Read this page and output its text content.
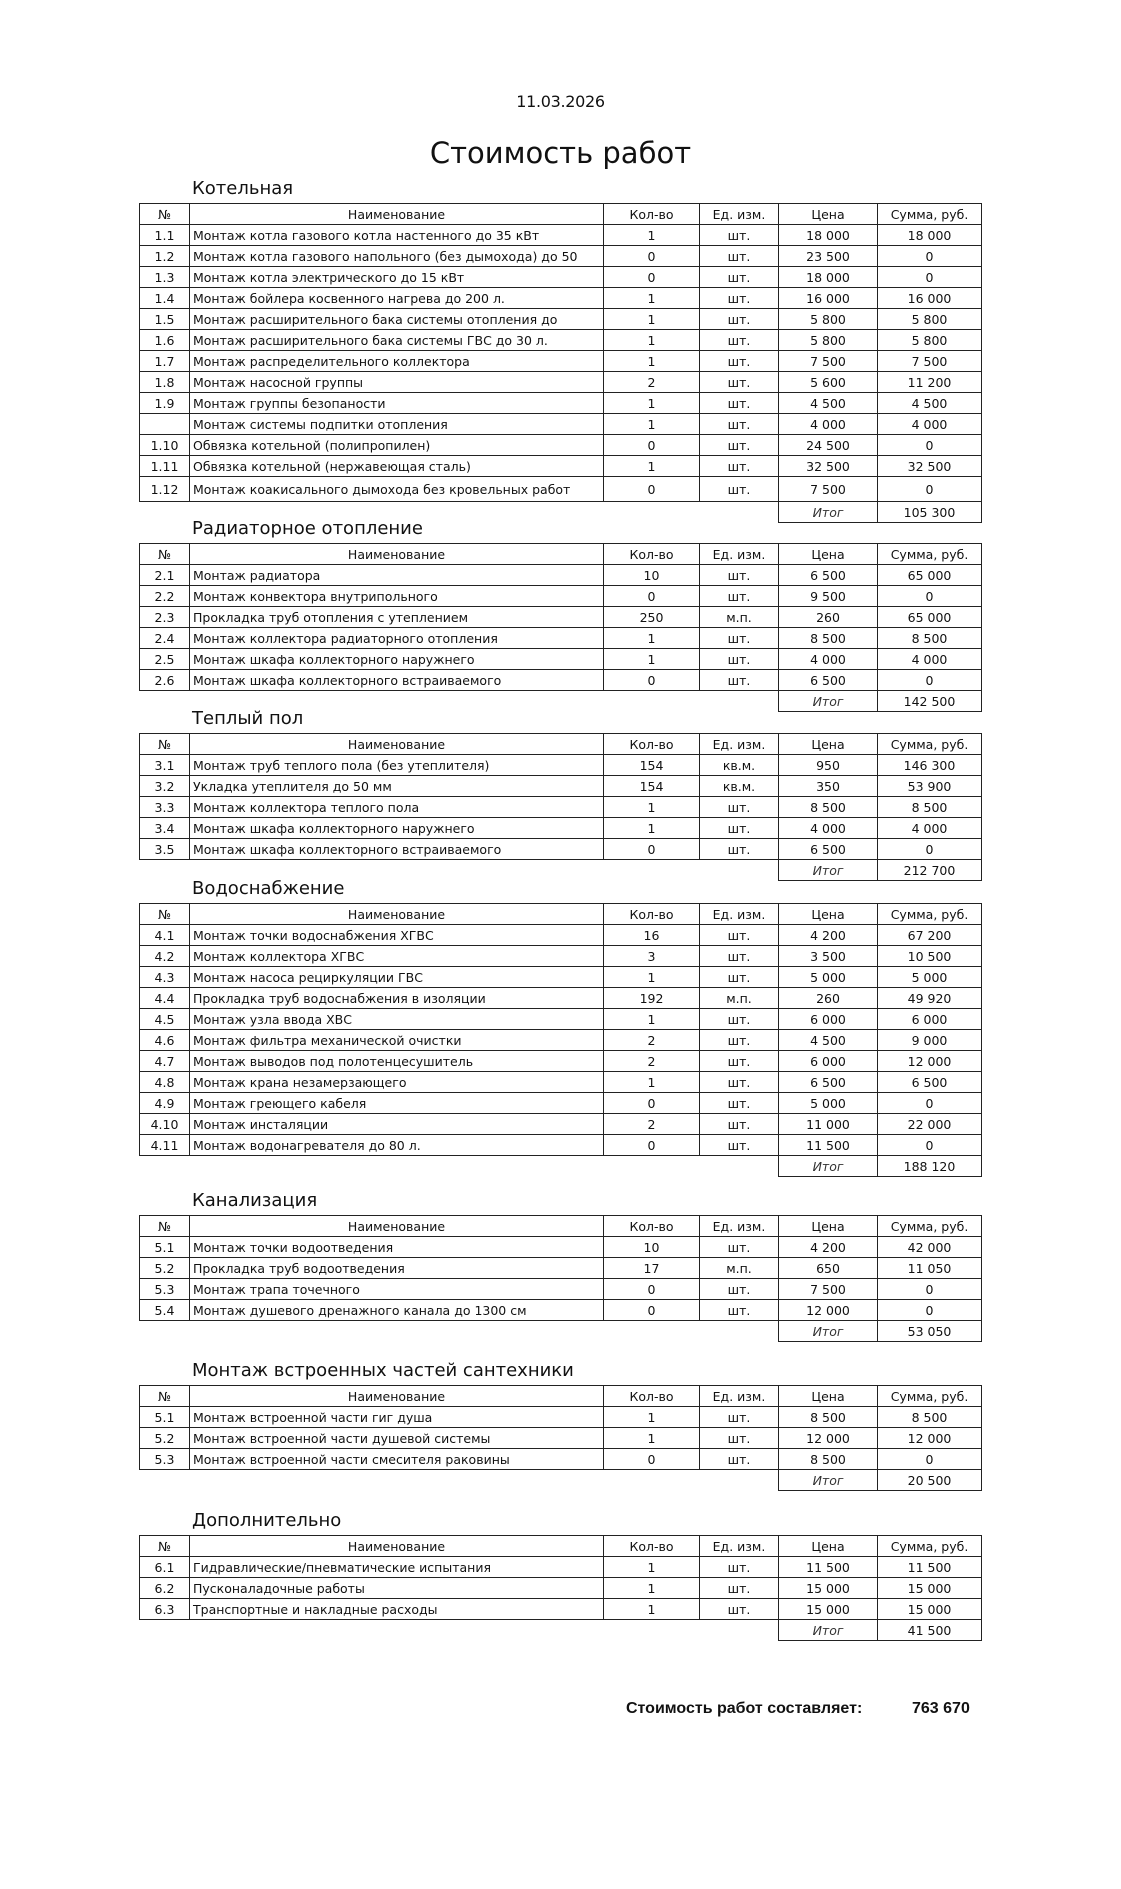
11.03.2026
Стоимость работ
Котельная
№	Наименование	Кол-во	Ед. изм.	Цена	Сумма, руб.
1.1	Монтаж котла газового котла настенного до 35 кВт	1	шт.	18 000	18 000
1.2	Монтаж котла газового напольного (без дымохода) до 50	0	шт.	23 500	0
1.3	Монтаж котла электрического до 15 кВт	0	шт.	18 000	0
1.4	Монтаж бойлера косвенного нагрева до 200 л.	1	шт.	16 000	16 000
1.5	Монтаж расширительного бака системы отопления до	1	шт.	5 800	5 800
1.6	Монтаж расширительного бака системы ГВС до 30 л.	1	шт.	5 800	5 800
1.7	Монтаж распределительного коллектора	1	шт.	7 500	7 500
1.8	Монтаж насосной группы	2	шт.	5 600	11 200
1.9	Монтаж группы безопаности	1	шт.	4 500	4 500
	Монтаж системы подпитки отопления	1	шт.	4 000	4 000
1.10	Обвязка котельной (полипропилен)	0	шт.	24 500	0
1.11	Обвязка котельной (нержавеющая сталь)	1	шт.	32 500	32 500
1.12	Монтаж коакисального дымохода без кровельных работ	0	шт.	7 500	0
				Итог	105 300
Радиаторное отопление
№	Наименование	Кол-во	Ед. изм.	Цена	Сумма, руб.
2.1	Монтаж радиатора	10	шт.	6 500	65 000
2.2	Монтаж конвектора внутрипольного	0	шт.	9 500	0
2.3	Прокладка труб отопления с утеплением	250	м.п.	260	65 000
2.4	Монтаж коллектора радиаторного отопления	1	шт.	8 500	8 500
2.5	Монтаж шкафа коллекторного наружнего	1	шт.	4 000	4 000
2.6	Монтаж шкафа коллекторного встраиваемого	0	шт.	6 500	0
				Итог	142 500
Теплый пол
№	Наименование	Кол-во	Ед. изм.	Цена	Сумма, руб.
3.1	Монтаж труб теплого пола (без утеплителя)	154	кв.м.	950	146 300
3.2	Укладка утеплителя до 50 мм	154	кв.м.	350	53 900
3.3	Монтаж коллектора теплого пола	1	шт.	8 500	8 500
3.4	Монтаж шкафа коллекторного наружнего	1	шт.	4 000	4 000
3.5	Монтаж шкафа коллекторного встраиваемого	0	шт.	6 500	0
				Итог	212 700
Водоснабжение
№	Наименование	Кол-во	Ед. изм.	Цена	Сумма, руб.
4.1	Монтаж точки водоснабжения ХГВС	16	шт.	4 200	67 200
4.2	Монтаж коллектора ХГВС	3	шт.	3 500	10 500
4.3	Монтаж насоса рециркуляции ГВС	1	шт.	5 000	5 000
4.4	Прокладка труб водоснабжения в изоляции	192	м.п.	260	49 920
4.5	Монтаж узла ввода ХВС	1	шт.	6 000	6 000
4.6	Монтаж фильтра механической очистки	2	шт.	4 500	9 000
4.7	Монтаж выводов под полотенцесушитель	2	шт.	6 000	12 000
4.8	Монтаж крана незамерзающего	1	шт.	6 500	6 500
4.9	Монтаж греющего кабеля	0	шт.	5 000	0
4.10	Монтаж инсталяции	2	шт.	11 000	22 000
4.11	Монтаж водонагревателя до 80 л.	0	шт.	11 500	0
				Итог	188 120
Канализация
№	Наименование	Кол-во	Ед. изм.	Цена	Сумма, руб.
5.1	Монтаж точки водоотведения	10	шт.	4 200	42 000
5.2	Прокладка труб водоотведения	17	м.п.	650	11 050
5.3	Монтаж трапа точечного	0	шт.	7 500	0
5.4	Монтаж душевого дренажного канала до 1300 см	0	шт.	12 000	0
				Итог	53 050
Монтаж встроенных частей сантехники
№	Наименование	Кол-во	Ед. изм.	Цена	Сумма, руб.
5.1	Монтаж встроенной части гиг душа	1	шт.	8 500	8 500
5.2	Монтаж встроенной части душевой системы	1	шт.	12 000	12 000
5.3	Монтаж встроенной части смесителя раковины	0	шт.	8 500	0
				Итог	20 500
Дополнительно
№	Наименование	Кол-во	Ед. изм.	Цена	Сумма, руб.
6.1	Гидравлические/пневматические испытания	1	шт.	11 500	11 500
6.2	Пусконаладочные работы	1	шт.	15 000	15 000
6.3	Транспортные и накладные расходы	1	шт.	15 000	15 000
				Итог	41 500
Стоимость работ составляет:	763 670
